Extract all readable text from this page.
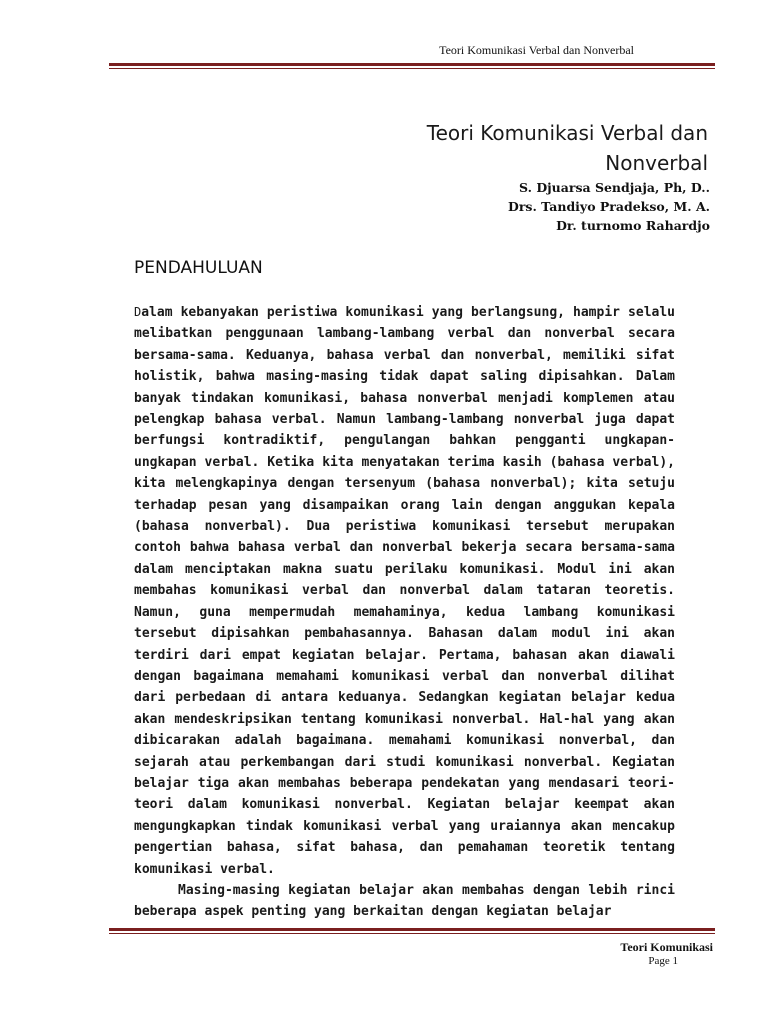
Teori Komunikasi Verbal dan Nonverbal
Teori Komunikasi Verbal dan
Nonverbal
S. Djuarsa Sendjaja, Ph, D..
Drs. Tandiyo Pradekso, M. A.
Dr. turnomo Rahardjo
PENDAHULUAN

Dalam kebanyakan peristiwa komunikasi yang berlangsung, hampir selalu melibatkan penggunaan lambang-lambang verbal dan nonverbal secara bersama-sama. Keduanya, bahasa verbal dan nonverbal, memiliki sifat holistik, bahwa masing-masing tidak dapat saling dipisahkan. Dalam banyak tindakan komunikasi, bahasa nonverbal menjadi komplemen atau pelengkap bahasa verbal. Namun lambang-lambang nonverbal juga dapat berfungsi kontradiktif, pengulangan bahkan pengganti ungkapan-ungkapan verbal. Ketika kita menyatakan terima kasih (bahasa verbal), kita melengkapinya dengan tersenyum (bahasa nonverbal); kita setuju terhadap pesan yang disampaikan orang lain dengan anggukan kepala (bahasa nonverbal). Dua peristiwa komunikasi tersebut merupakan contoh bahwa bahasa verbal dan nonverbal bekerja secara bersama-sama dalam menciptakan makna suatu perilaku komunikasi. Modul ini akan membahas komunikasi verbal dan nonverbal dalam tataran teoretis. Namun, guna mempermudah memahaminya, kedua lambang komunikasi tersebut dipisahkan pembahasannya. Bahasan dalam modul ini akan terdiri dari empat kegiatan belajar. Pertama, bahasan akan diawali dengan bagaimana memahami komunikasi verbal dan nonverbal dilihat dari perbedaan di antara keduanya. Sedangkan kegiatan belajar kedua akan mendeskripsikan tentang komunikasi nonverbal. Hal-hal yang akan dibicarakan adalah bagaimana. memahami komunikasi nonverbal, dan sejarah atau perkembangan dari studi komunikasi nonverbal. Kegiatan belajar tiga akan membahas beberapa pendekatan yang mendasari teori-teori dalam komunikasi nonverbal. Kegiatan belajar keempat akan mengungkapkan tindak komunikasi verbal yang uraiannya akan mencakup pengertian bahasa, sifat bahasa, dan pemahaman teoretik tentang komunikasi verbal.

Masing-masing kegiatan belajar akan membahas dengan lebih rinci beberapa aspek penting yang berkaitan dengan kegiatan belajar

Teori Komunikasi
Page 1
